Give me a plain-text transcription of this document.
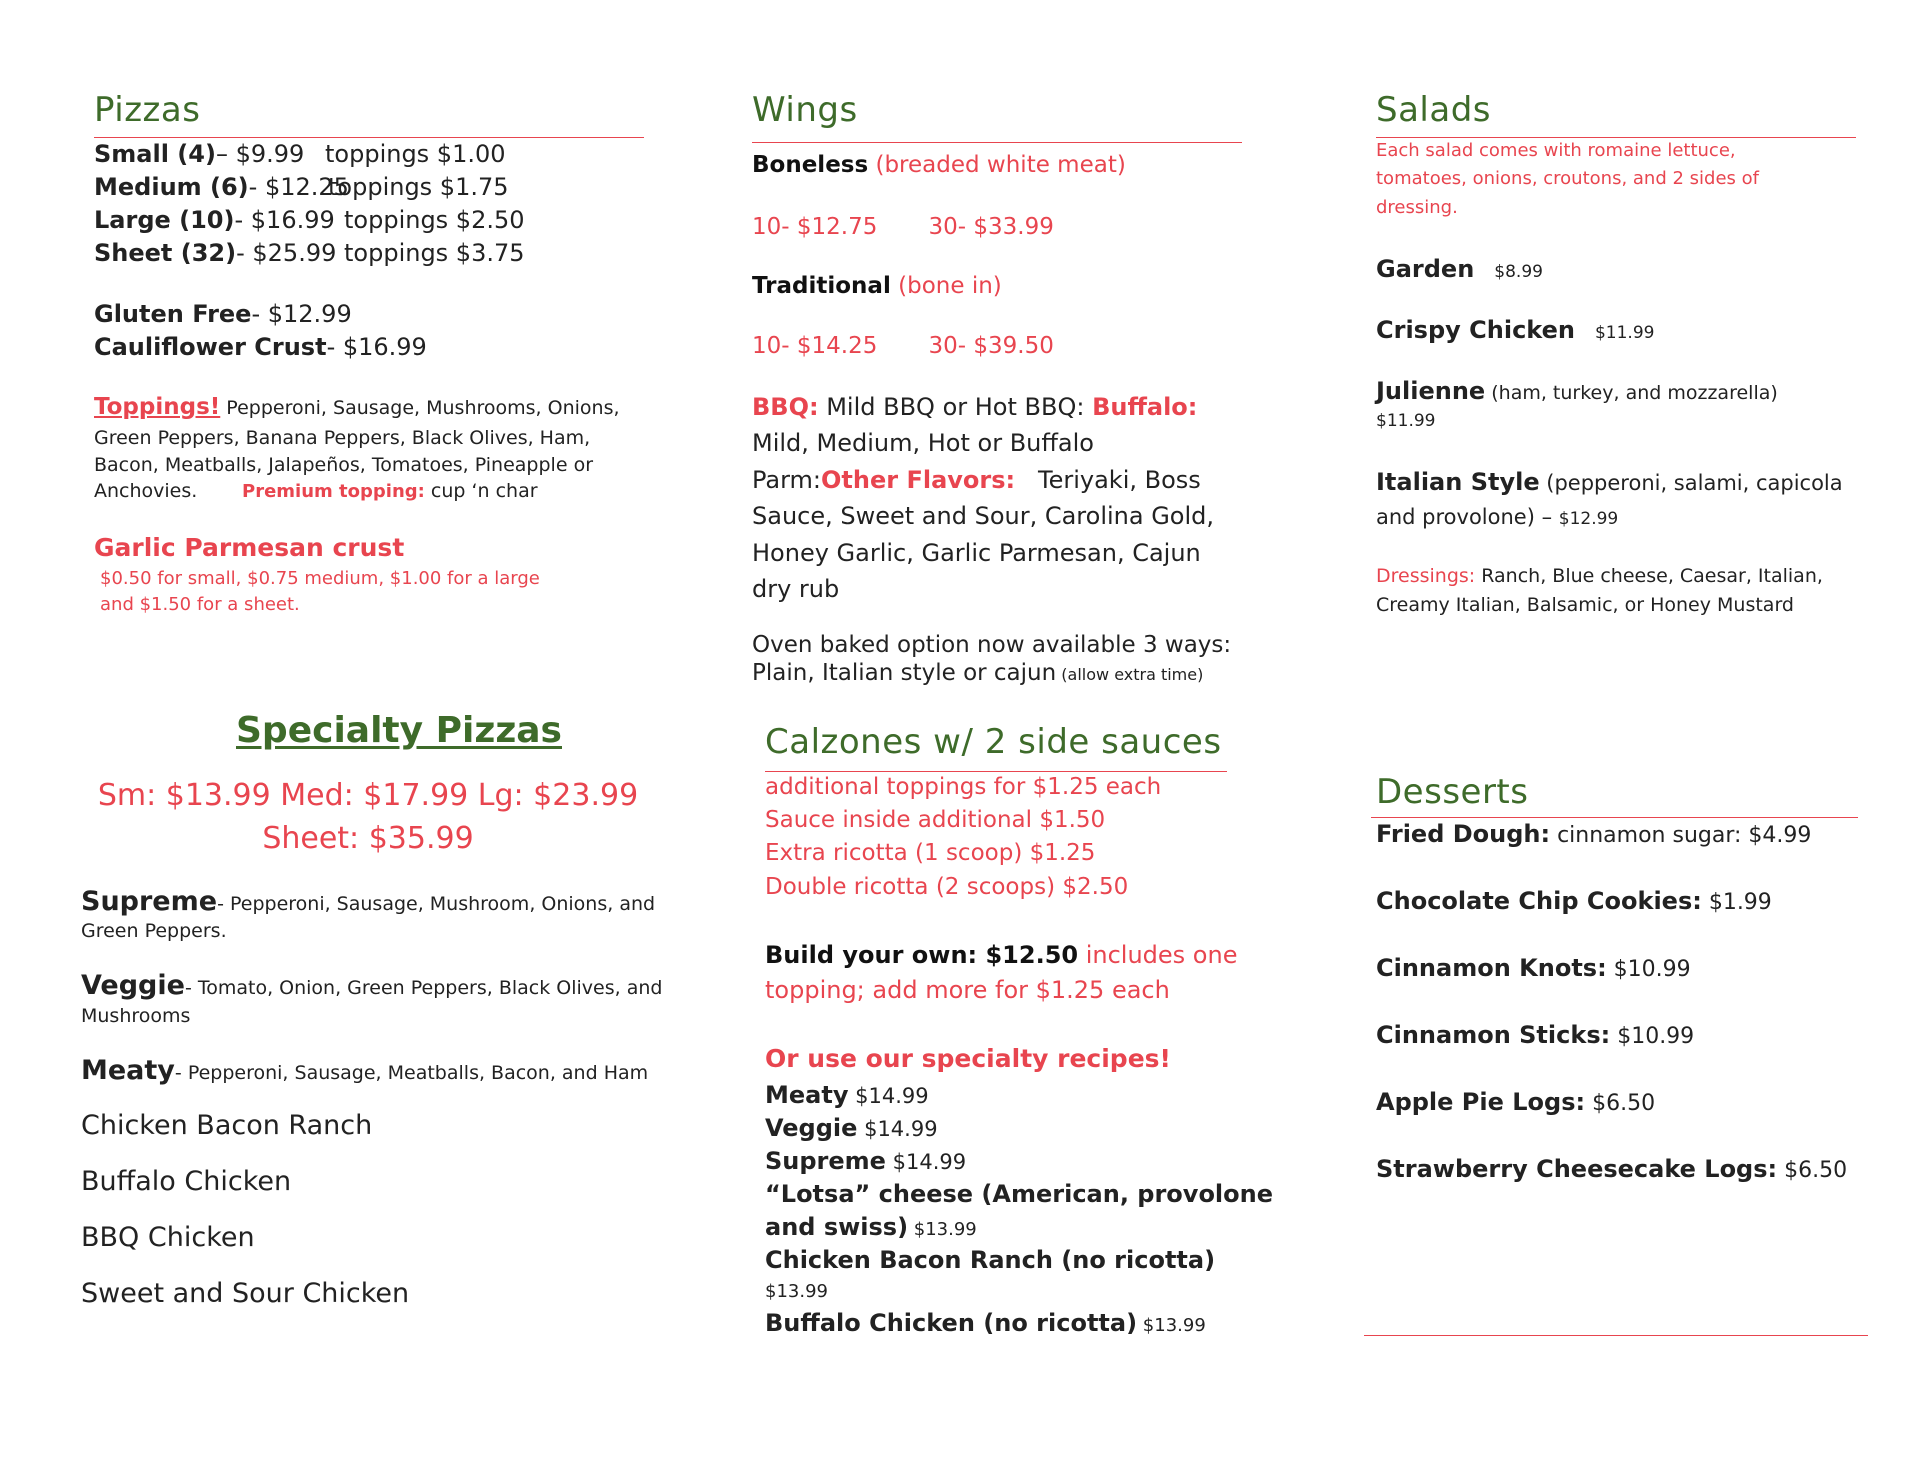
Pizzas
Small (4)– $9.99 toppings $1.00
Medium (6)- $12.25
toppings $1.75
Large (10)- $16.99 toppings $2.50
Sheet (32)- $25.99 toppings $3.75
Gluten Free- $12.99
Cauliflower Crust- $16.99
Toppings! Pepperoni, Sausage, Mushrooms, Onions,
Green Peppers, Banana Peppers, Black Olives, Ham,
Bacon, Meatballs, Jalapeños, Tomatoes, Pineapple or
Anchovies. Premium topping: cup ‘n char
Garlic Parmesan crust
$0.50 for small, $0.75 medium, $1.00 for a large
and $1.50 for a sheet.
Specialty Pizzas
Sm: $13.99 Med: $17.99 Lg: $23.99
Sheet: $35.99
Supreme- Pepperoni, Sausage, Mushroom, Onions, and
Green Peppers.
Veggie- Tomato, Onion, Green Peppers, Black Olives, and
Mushrooms
Meaty- Pepperoni, Sausage, Meatballs, Bacon, and Ham
Chicken Bacon Ranch
Buffalo Chicken
BBQ Chicken
Sweet and Sour Chicken
Wings
Boneless (breaded white meat)
10- $12.75       30- $33.99
Traditional (bone in)
10- $14.25       30- $39.50
BBQ: Mild BBQ or Hot BBQ: Buffalo:
Mild, Medium, Hot or Buffalo
Parm:Other Flavors:   Teriyaki, Boss
Sauce, Sweet and Sour, Carolina Gold,
Honey Garlic, Garlic Parmesan, Cajun
dry rub
Oven baked option now available 3 ways:
Plain, Italian style or cajun (allow extra time)
Calzones w/ 2 side sauces
additional toppings for $1.25 each
Sauce inside additional $1.50
Extra ricotta (1 scoop) $1.25
Double ricotta (2 scoops) $2.50
Build your own: $12.50 includes one
topping; add more for $1.25 each
Or use our specialty recipes!
Meaty $14.99
Veggie $14.99
Supreme $14.99
“Lotsa” cheese (American, provolone
and swiss) $13.99
Chicken Bacon Ranch (no ricotta)
$13.99
Buffalo Chicken (no ricotta) $13.99
Salads
Each salad comes with romaine lettuce,
tomatoes, onions, croutons, and 2 sides of
dressing.
Garden $8.99
Crispy Chicken $11.99
Julienne (ham, turkey, and mozzarella)
$11.99
Italian Style (pepperoni, salami, capicola
and provolone) – $12.99
Dressings: Ranch, Blue cheese, Caesar, Italian,
Creamy Italian, Balsamic, or Honey Mustard
Desserts
Fried Dough: cinnamon sugar: $4.99
Chocolate Chip Cookies: $1.99
Cinnamon Knots: $10.99
Cinnamon Sticks: $10.99
Apple Pie Logs: $6.50
Strawberry Cheesecake Logs: $6.50
